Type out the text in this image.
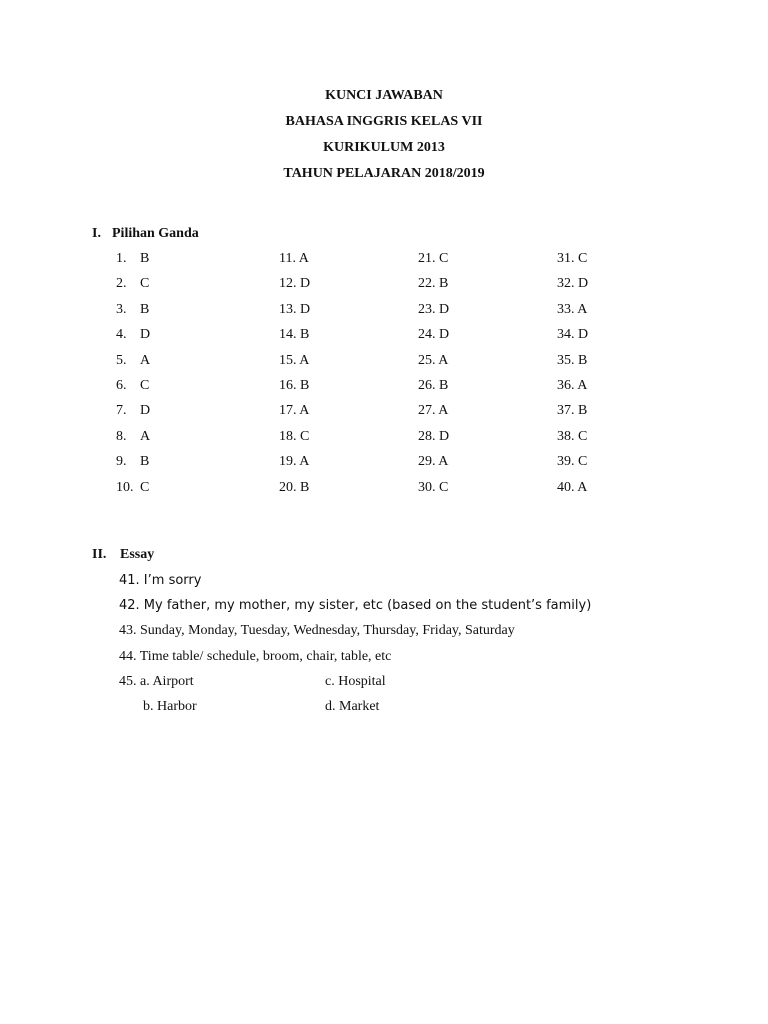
KUNCI JAWABAN
BAHASA INGGRIS KELAS VII
KURIKULUM 2013
TAHUN PELAJARAN 2018/2019
I. Pilihan Ganda
1. B	11. A	21. C	31. C
2. C	12. D	22. B	32. D
3. B	13. D	23. D	33. A
4. D	14. B	24. D	34. D
5. A	15. A	25. A	35. B
6. C	16. B	26. B	36. A
7. D	17. A	27. A	37. B
8. A	18. C	28. D	38. C
9. B	19. A	29. A	39. C
10. C	20. B	30. C	40. A
II. Essay
41. I’m sorry
42. My father, my mother, my sister, etc (based on the student’s family)
43. Sunday, Monday, Tuesday, Wednesday, Thursday, Friday, Saturday
44. Time table/ schedule, broom, chair, table, etc
45. a. Airport	c. Hospital
b. Harbor	d. Market
